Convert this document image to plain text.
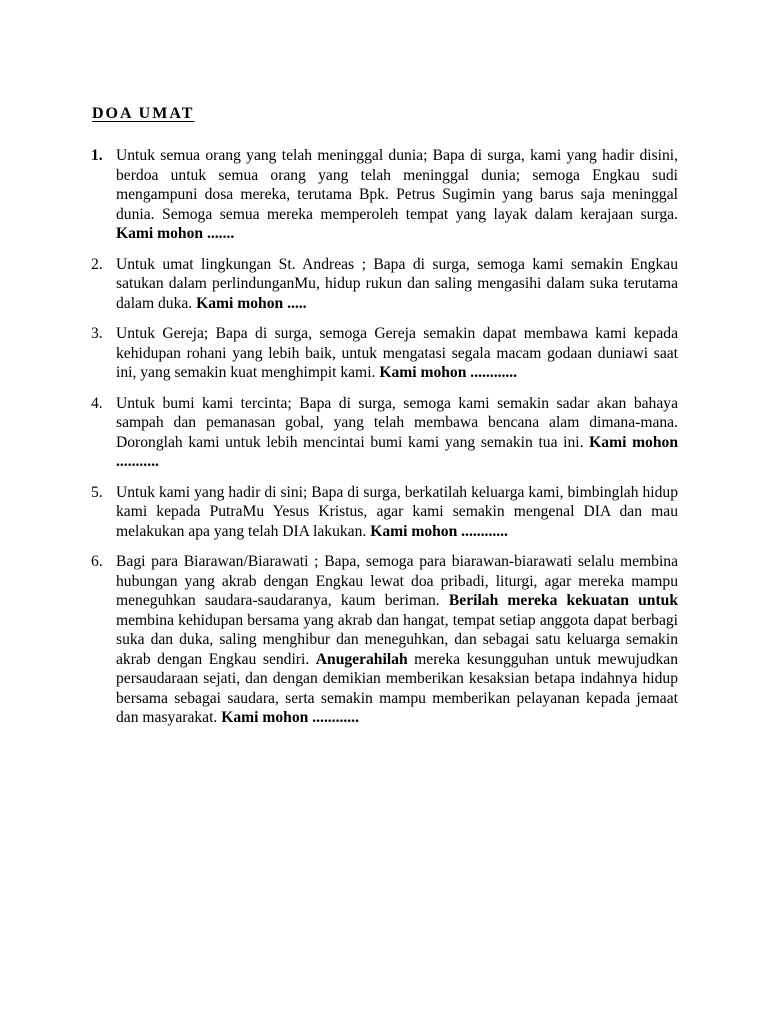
DOA UMAT
1. Untuk semua orang yang telah meninggal dunia; Bapa di surga, kami yang hadir disini, berdoa untuk semua orang yang telah meninggal dunia; semoga Engkau sudi mengampuni dosa mereka, terutama Bpk. Petrus Sugimin yang barus saja meninggal dunia. Semoga semua mereka memperoleh tempat yang layak dalam kerajaan surga. Kami mohon .......
2. Untuk umat lingkungan St. Andreas ; Bapa di surga, semoga kami semakin Engkau satukan dalam perlindunganMu, hidup rukun dan saling mengasihi dalam suka terutama dalam duka. Kami mohon .....
3. Untuk Gereja; Bapa di surga, semoga Gereja semakin dapat membawa kami kepada kehidupan rohani yang lebih baik, untuk mengatasi segala macam godaan duniawi saat ini, yang semakin kuat menghimpit kami. Kami mohon ............
4. Untuk bumi kami tercinta; Bapa di surga, semoga kami semakin sadar akan bahaya sampah dan pemanasan gobal, yang telah membawa bencana alam dimana-mana. Doronglah kami untuk lebih mencintai bumi kami yang semakin tua ini. Kami mohon ...........
5. Untuk kami yang hadir di sini; Bapa di surga, berkatilah keluarga kami, bimbinglah hidup kami kepada PutraMu Yesus Kristus, agar kami semakin mengenal DIA dan mau melakukan apa yang telah DIA lakukan. Kami mohon ............
6. Bagi para Biarawan/Biarawati ; Bapa, semoga para biarawan-biarawati selalu membina hubungan yang akrab dengan Engkau lewat doa pribadi, liturgi, agar mereka mampu meneguhkan saudara-saudaranya, kaum beriman. Berilah mereka kekuatan untuk membina kehidupan bersama yang akrab dan hangat, tempat setiap anggota dapat berbagi suka dan duka, saling menghibur dan meneguhkan, dan sebagai satu keluarga semakin akrab dengan Engkau sendiri. Anugerahilah mereka kesungguhan untuk mewujudkan persaudaraan sejati, dan dengan demikian memberikan kesaksian betapa indahnya hidup bersama sebagai saudara, serta semakin mampu memberikan pelayanan kepada jemaat dan masyarakat. Kami mohon ............
